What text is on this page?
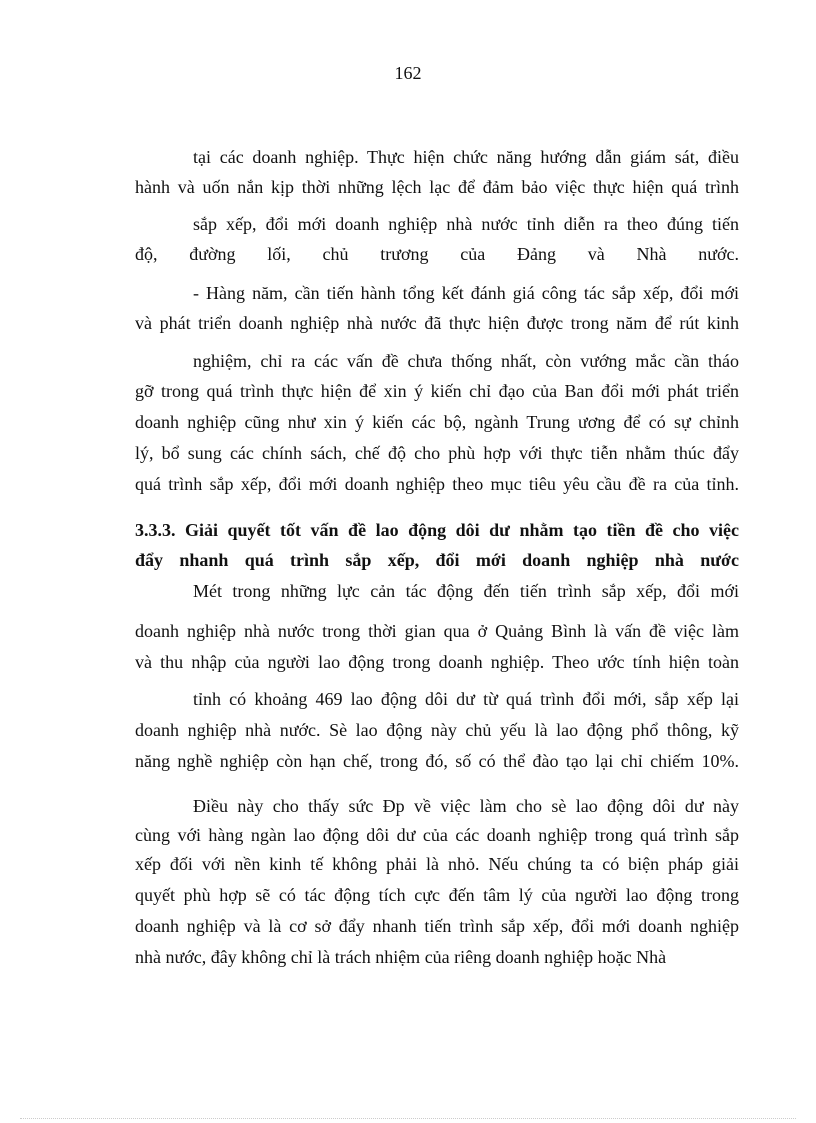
162
tại các doanh nghiệp. Thực hiện chức năng hướng dẫn giám sát, điều
hành và uốn nắn kịp thời những lệch lạc để đảm bảo việc thực hiện quá trình
sắp xếp, đổi mới doanh nghiệp nhà nước tỉnh diễn ra theo đúng tiến
độ, đường lối, chủ trương của Đảng và Nhà nước.
- Hàng năm, cần tiến hành tổng kết đánh giá công tác sắp xếp, đổi mới
và phát triển doanh nghiệp nhà nước đã thực hiện được trong năm để rút kinh
nghiệm, chỉ ra các vấn đề chưa thống nhất, còn vướng mắc cần tháo
gỡ trong quá trình thực hiện để xin ý kiến chỉ đạo của Ban đổi mới phát triển
doanh nghiệp cũng như xin ý kiến các bộ, ngành Trung ương để có sự chỉnh
lý, bổ sung các chính sách, chế độ cho phù hợp với thực tiễn nhằm thúc đẩy
quá trình sắp xếp, đổi mới doanh nghiệp theo mục tiêu yêu cầu đề ra của tỉnh.
3.3.3. Giải quyết tốt vấn đề lao động dôi dư nhằm tạo tiền đề cho việc
đẩy nhanh quá trình sắp xếp, đổi mới doanh nghiệp nhà nước
Mét trong những lực cản tác động đến tiến trình sắp xếp, đổi mới
doanh nghiệp nhà nước trong thời gian qua ở Quảng Bình là vấn đề việc làm
và thu nhập của người lao động trong doanh nghiệp. Theo ước tính hiện toàn
tỉnh có khoảng 469 lao động dôi dư từ quá trình đổi mới, sắp xếp lại
doanh nghiệp nhà nước. Sè lao động này chủ yếu là lao động phổ thông, kỹ
năng nghề nghiệp còn hạn chế, trong đó, số có thể đào tạo lại chỉ chiếm 10%.
Điều này cho thấy sức Ðp về việc làm cho sè lao động dôi dư này
cùng với hàng ngàn lao động dôi dư của các doanh nghiệp trong quá trình sắp
xếp đối với nền kinh tế không phải là nhỏ. Nếu chúng ta có biện pháp giải
quyết phù hợp sẽ có tác động tích cực đến tâm lý của người lao động trong
doanh nghiệp và là cơ sở đẩy nhanh tiến trình sắp xếp, đổi mới doanh nghiệp
nhà nước, đây không chỉ là trách nhiệm của riêng doanh nghiệp hoặc Nhà
